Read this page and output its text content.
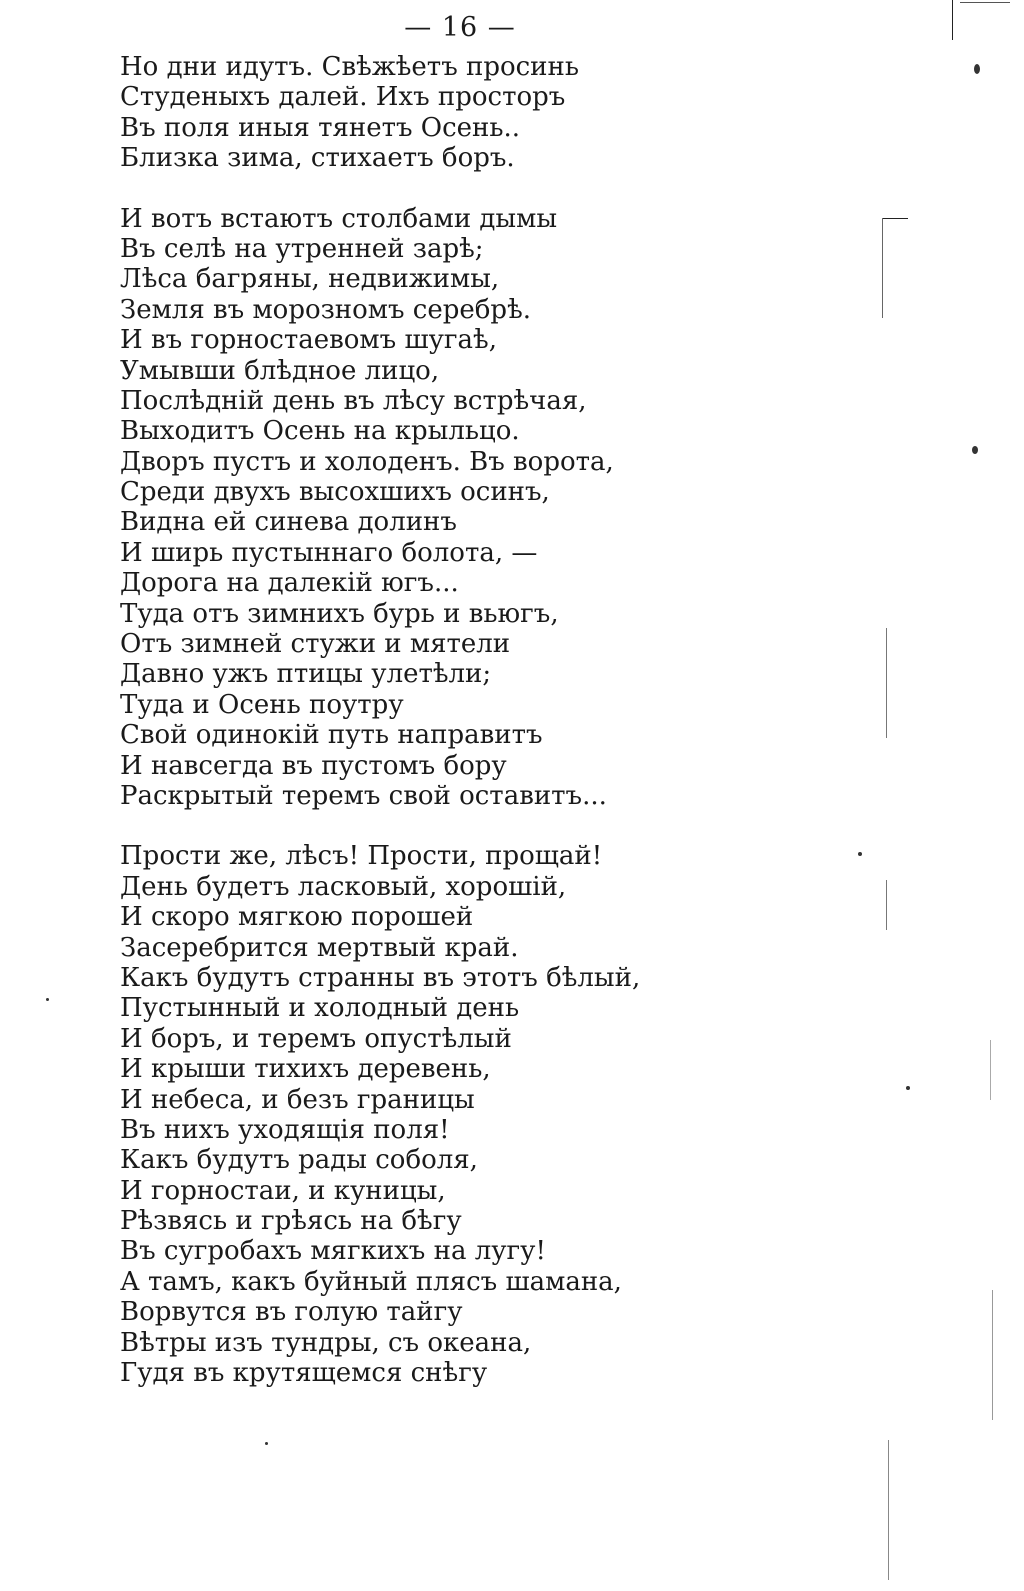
— 16 —
Но дни идутъ. Свѣжѣетъ просинь
Студеныхъ далей. Ихъ просторъ
Въ поля иныя тянетъ Осень..
Близка зима, стихаетъ боръ.
И вотъ встаютъ столбами дымы
Въ селѣ на утренней зарѣ;
Лѣса багряны, недвижимы,
Земля въ морозномъ серебрѣ.
И въ горностаевомъ шугаѣ,
Умывши блѣдное лицо,
Послѣдній день въ лѣсу встрѣчая,
Выходитъ Осень на крыльцо.
Дворъ пустъ и холоденъ. Въ ворота,
Среди двухъ высохшихъ осинъ,
Видна ей синева долинъ
И ширь пустыннаго болота, —
Дорога на далекій югъ...
Туда отъ зимнихъ бурь и вьюгъ,
Отъ зимней стужи и мятели
Давно ужъ птицы улетѣли;
Туда и Осень поутру
Свой одинокій путь направитъ
И навсегда въ пустомъ бору
Раскрытый теремъ свой оставитъ...
Прости же, лѣсъ! Прости, прощай!
День будетъ ласковый, хорошій,
И скоро мягкою порошей
Засеребрится мертвый край.
Какъ будутъ странны въ этотъ бѣлый,
Пустынный и холодный день
И боръ, и теремъ опустѣлый
И крыши тихихъ деревень,
И небеса, и безъ границы
Въ нихъ уходящія поля!
Какъ будутъ рады соболя,
И горностаи, и куницы,
Рѣзвясь и грѣясь на бѣгу
Въ сугробахъ мягкихъ на лугу!
А тамъ, какъ буйный плясъ шамана,
Ворвутся въ голую тайгу
Вѣтры изъ тундры, съ океана,
Гудя въ крутящемся снѣгу
